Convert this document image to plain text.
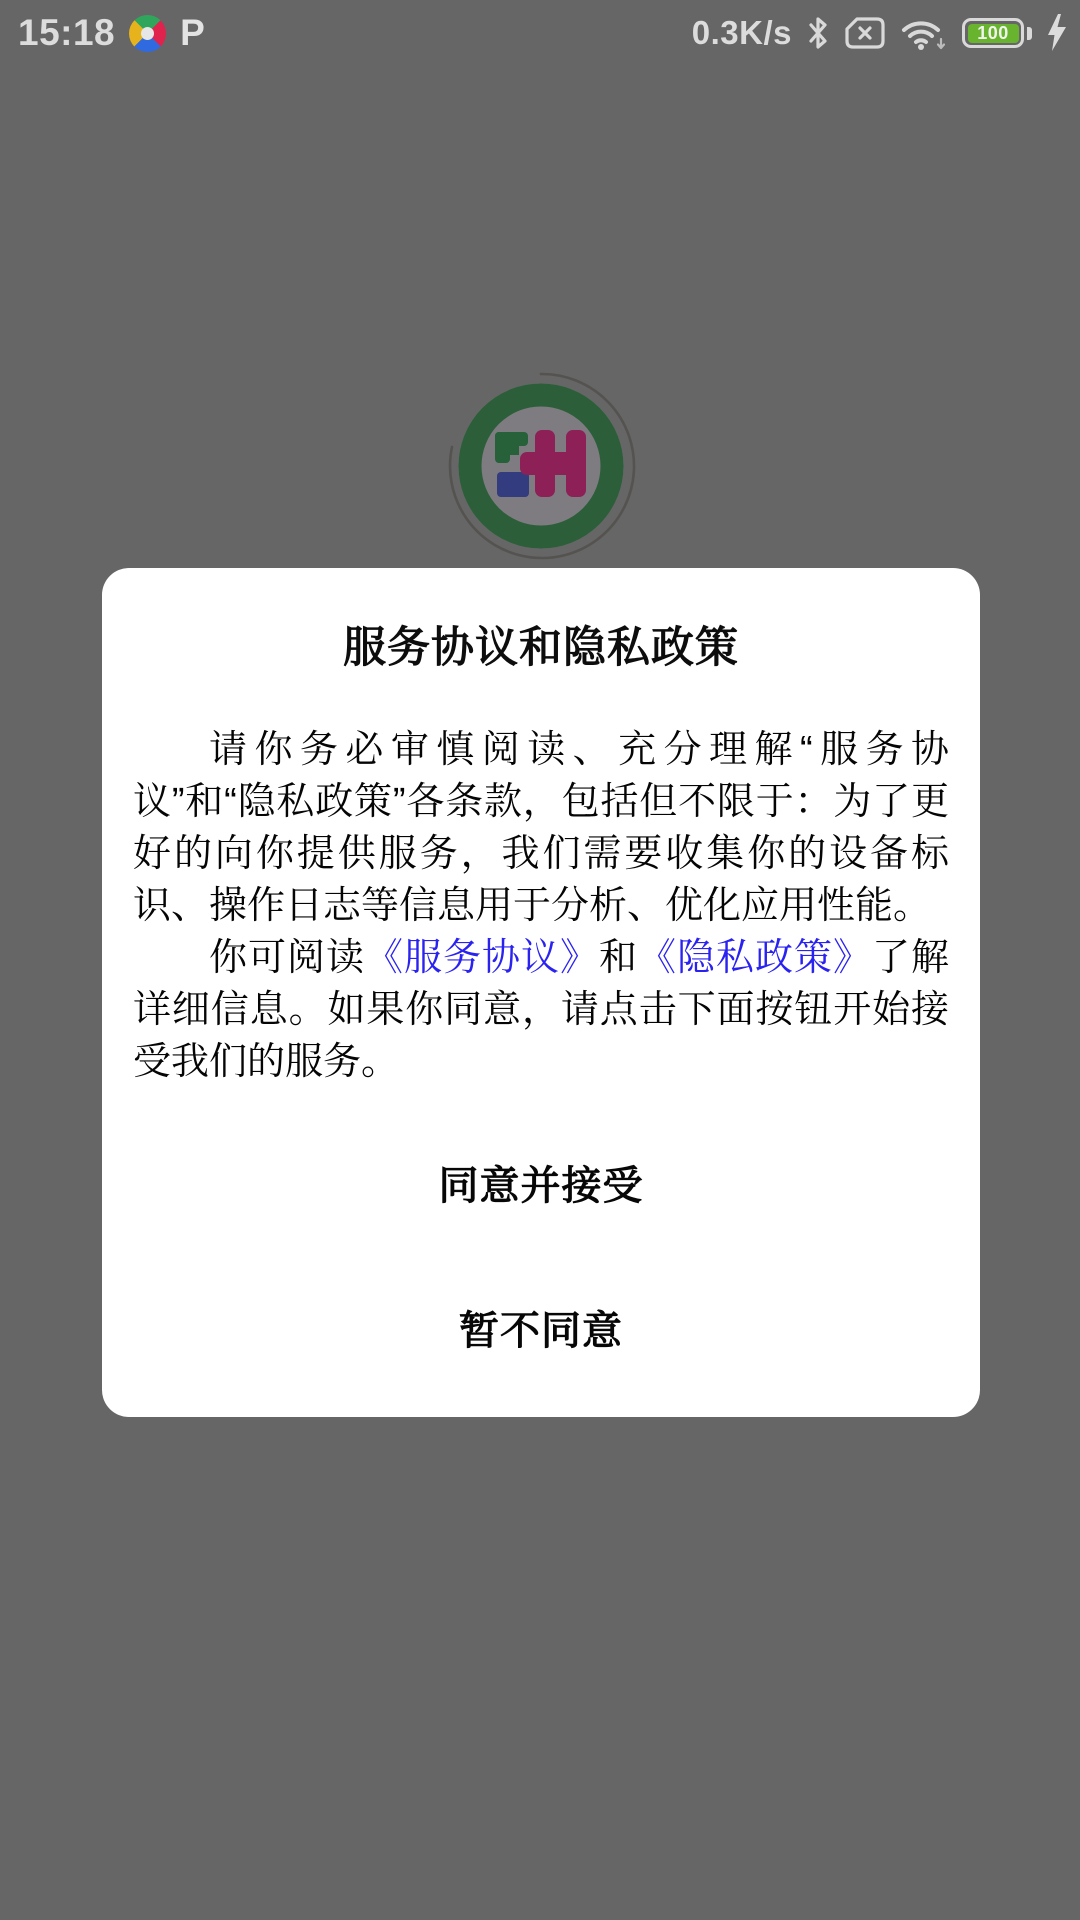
15:18 P	0.3K/s	100
服务协议和隐私政策

请你务必审慎阅读、充分理解“服务协议”和“隐私政策”各条款，包括但不限于：为了更好的向你提供服务，我们需要收集你的设备标识、操作日志等信息用于分析、优化应用性能。

你可阅读《服务协议》和《隐私政策》了解详细信息。如果你同意，请点击下面按钮开始接受我们的服务。

同意并接受
暂不同意
